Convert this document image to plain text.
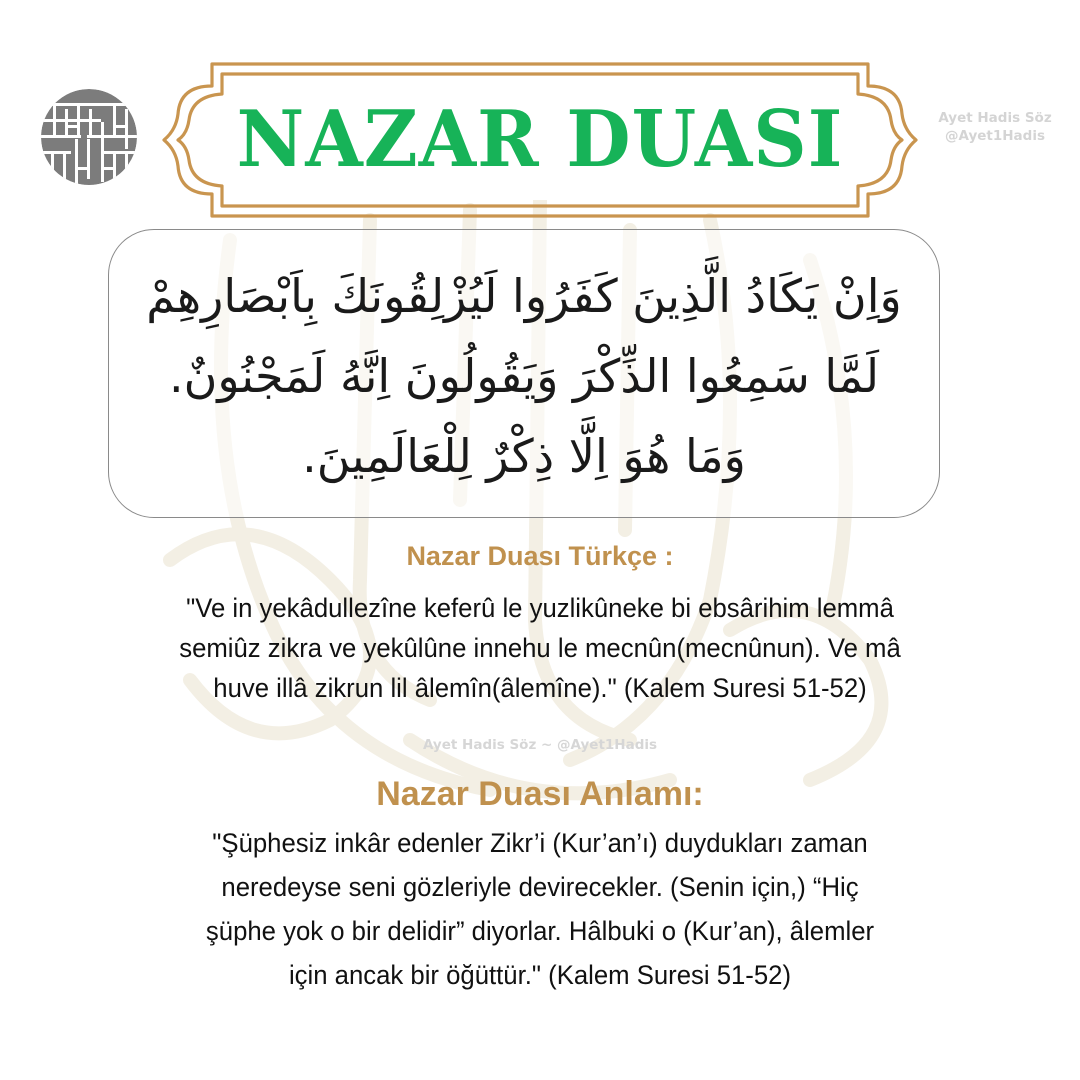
NAZAR DUASI	Ayet Hadis Söz
@Ayet1Hadis
وَاِنْ يَكَادُ الَّذِينَ كَفَرُوا لَيُزْلِقُونَكَ بِاَبْصَارِهِمْ
لَمَّا سَمِعُوا الذِّكْرَ وَيَقُولُونَ اِنَّهُ لَمَجْنُونٌ.
وَمَا هُوَ اِلَّا ذِكْرٌ لِلْعَالَمِينَ.
Nazar Duası Türkçe :
"Ve in yekâdullezîne keferû le yuzlikûneke bi ebsârihim lemmâ
semiûz zikra ve yekûlûne innehu le mecnûn(mecnûnun). Ve mâ
huve illâ zikrun lil âlemîn(âlemîne)." (Kalem Suresi 51-52)
Ayet Hadis Söz ~ @Ayet1Hadis
Nazar Duası Anlamı:
"Şüphesiz inkâr edenler Zikr’i (Kur’an’ı) duydukları zaman
neredeyse seni gözleriyle devirecekler. (Senin için,) “Hiç
şüphe yok o bir delidir” diyorlar. Hâlbuki o (Kur’an), âlemler
için ancak bir öğüttür." (Kalem Suresi 51-52)
